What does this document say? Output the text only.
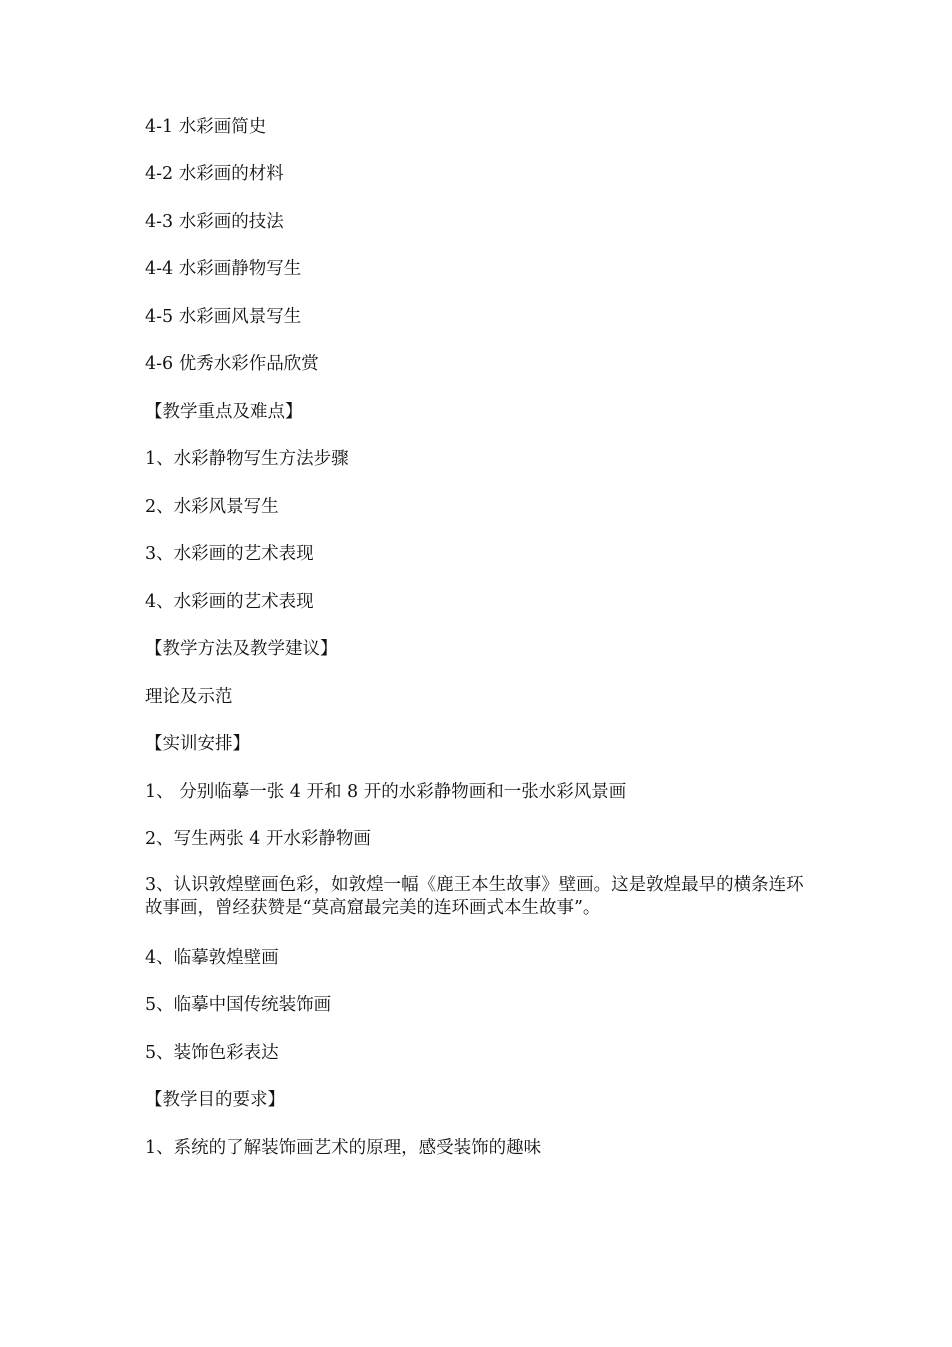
4-1 水彩画简史
4-2 水彩画的材料
4-3 水彩画的技法
4-4 水彩画静物写生
4-5 水彩画风景写生
4-6 优秀水彩作品欣赏
【教学重点及难点】
1、水彩静物写生方法步骤
2、水彩风景写生
3、水彩画的艺术表现
4、水彩画的艺术表现
【教学方法及教学建议】
理论及示范
【实训安排】
1、 分别临摹一张 4 开和 8 开的水彩静物画和一张水彩风景画
2、写生两张 4 开水彩静物画
3、认识敦煌壁画色彩，如敦煌一幅《鹿王本生故事》壁画。这是敦煌最早的横条连环故事画，曾经获赞是“莫高窟最完美的连环画式本生故事”。
4、临摹敦煌壁画
5、临摹中国传统装饰画
5、装饰色彩表达
【教学目的要求】
1、系统的了解装饰画艺术的原理，感受装饰的趣味
